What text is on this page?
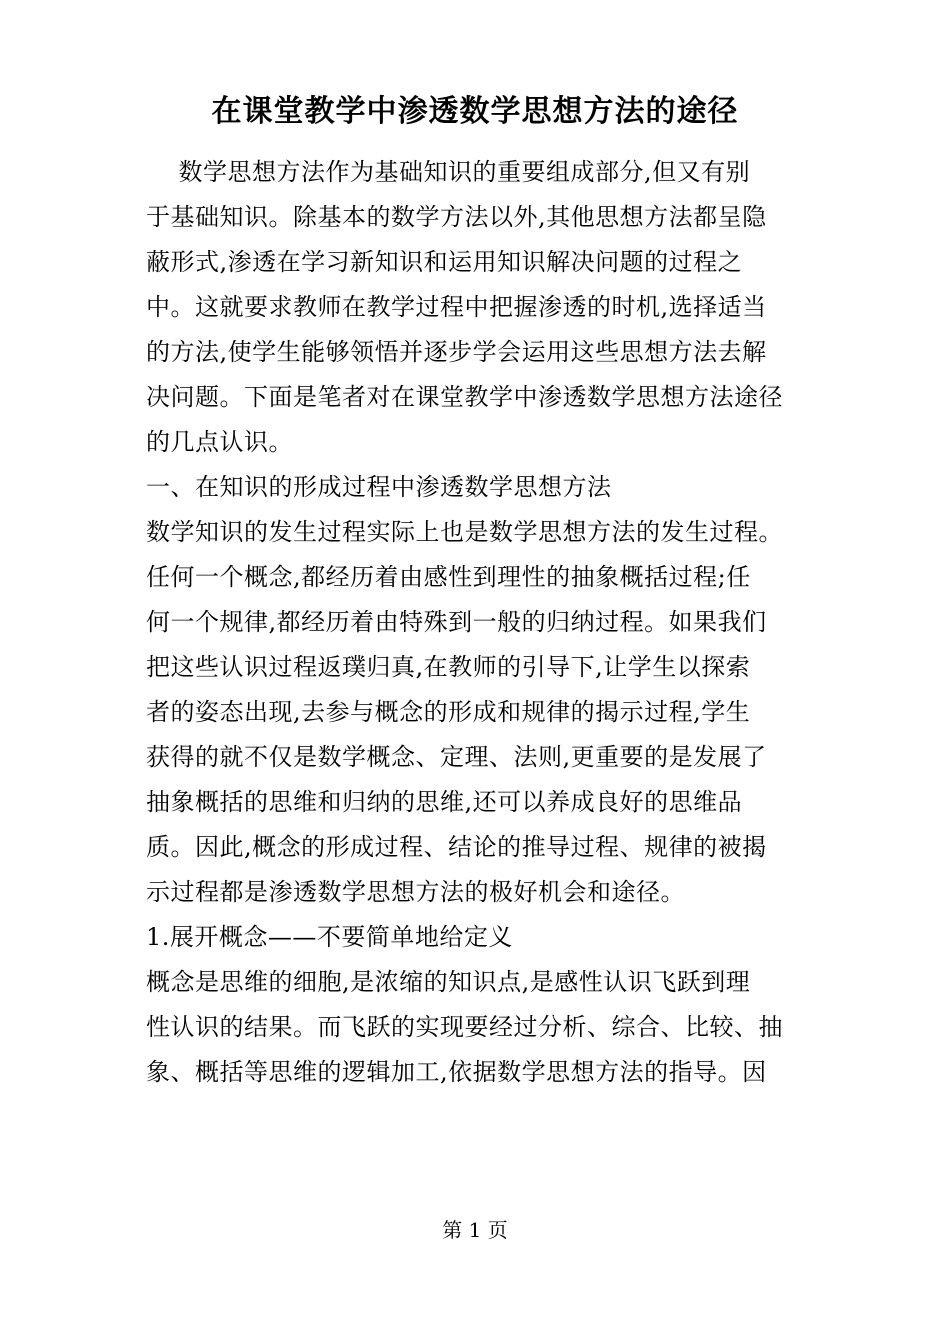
在课堂教学中渗透数学思想方法的途径
数学思想方法作为基础知识的重要组成部分,但又有别
于基础知识。除基本的数学方法以外,其他思想方法都呈隐
蔽形式,渗透在学习新知识和运用知识解决问题的过程之
中。这就要求教师在教学过程中把握渗透的时机,选择适当
的方法,使学生能够领悟并逐步学会运用这些思想方法去解
决问题。下面是笔者对在课堂教学中渗透数学思想方法途径
的几点认识。
一、在知识的形成过程中渗透数学思想方法
数学知识的发生过程实际上也是数学思想方法的发生过程。
任何一个概念,都经历着由感性到理性的抽象概括过程;任
何一个规律,都经历着由特殊到一般的归纳过程。如果我们
把这些认识过程返璞归真,在教师的引导下,让学生以探索
者的姿态出现,去参与概念的形成和规律的揭示过程,学生
获得的就不仅是数学概念、定理、法则,更重要的是发展了
抽象概括的思维和归纳的思维,还可以养成良好的思维品
质。因此,概念的形成过程、结论的推导过程、规律的被揭
示过程都是渗透数学思想方法的极好机会和途径。
1.展开概念——不要简单地给定义
概念是思维的细胞,是浓缩的知识点,是感性认识飞跃到理
性认识的结果。而飞跃的实现要经过分析、综合、比较、抽
象、概括等思维的逻辑加工,依据数学思想方法的指导。因
第 1 页
